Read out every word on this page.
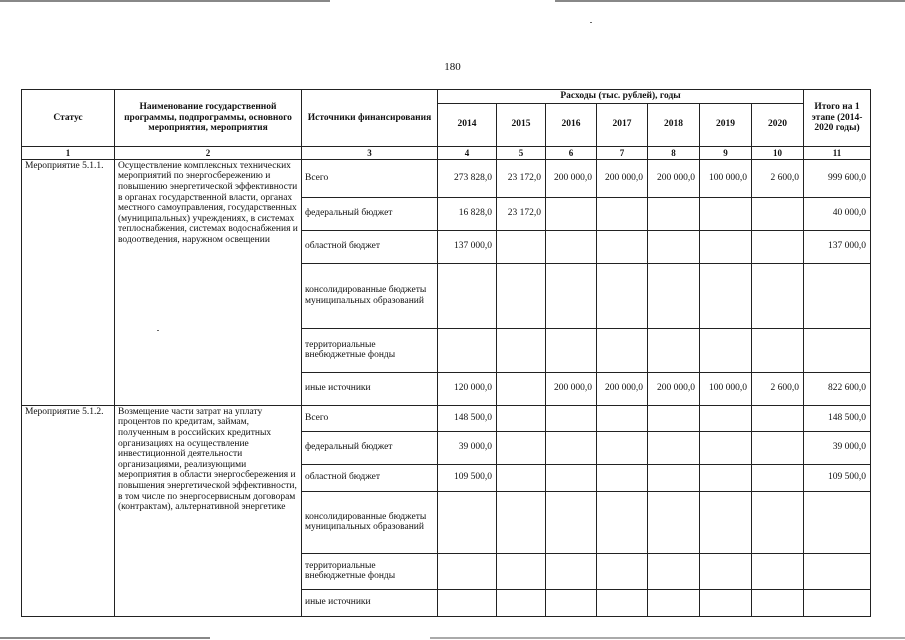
180
Статус	Наименование государственной программы, подпрограммы, основного мероприятия, мероприятия	Источники финансирования	Расходы (тыс. рублей), годы							Итого на 1 этапе (2014-2020 годы)
			2014	2015	2016	2017	2018	2019	2020	
1	2	3	4	5	6	7	8	9	10	11
Мероприятие 5.1.1.	Осуществление комплексных технических мероприятий по энергосбережению и повышению энергетической эффективности в органах государственной власти, органах местного самоуправления, государственных (муниципальных) учреждениях, в системах теплоснабжения, системах водоснабжения и водоотведения, наружном освещении	Всего	273 828,0	23 172,0	200 000,0	200 000,0	200 000,0	100 000,0	2 600,0	999 600,0
		федеральный бюджет	16 828,0	23 172,0						40 000,0
		областной бюджет	137 000,0							137 000,0
		консолидированные бюджеты муниципальных образований								
		территориальные внебюджетные фонды								
		иные источники	120 000,0		200 000,0	200 000,0	200 000,0	100 000,0	2 600,0	822 600,0
Мероприятие 5.1.2.	Возмещение части затрат на уплату процентов по кредитам, займам, полученным в российских кредитных организациях на осуществление инвестиционной деятельности организациями, реализующими мероприятия в области энергосбережения и повышения энергетической эффективности, в том числе по энергосервисным договорам (контрактам), альтернативной энергетике	Всего	148 500,0							148 500,0
		федеральный бюджет	39 000,0							39 000,0
		областной бюджет	109 500,0							109 500,0
		консолидированные бюджеты муниципальных образований								
		территориальные внебюджетные фонды								
		иные источники								
